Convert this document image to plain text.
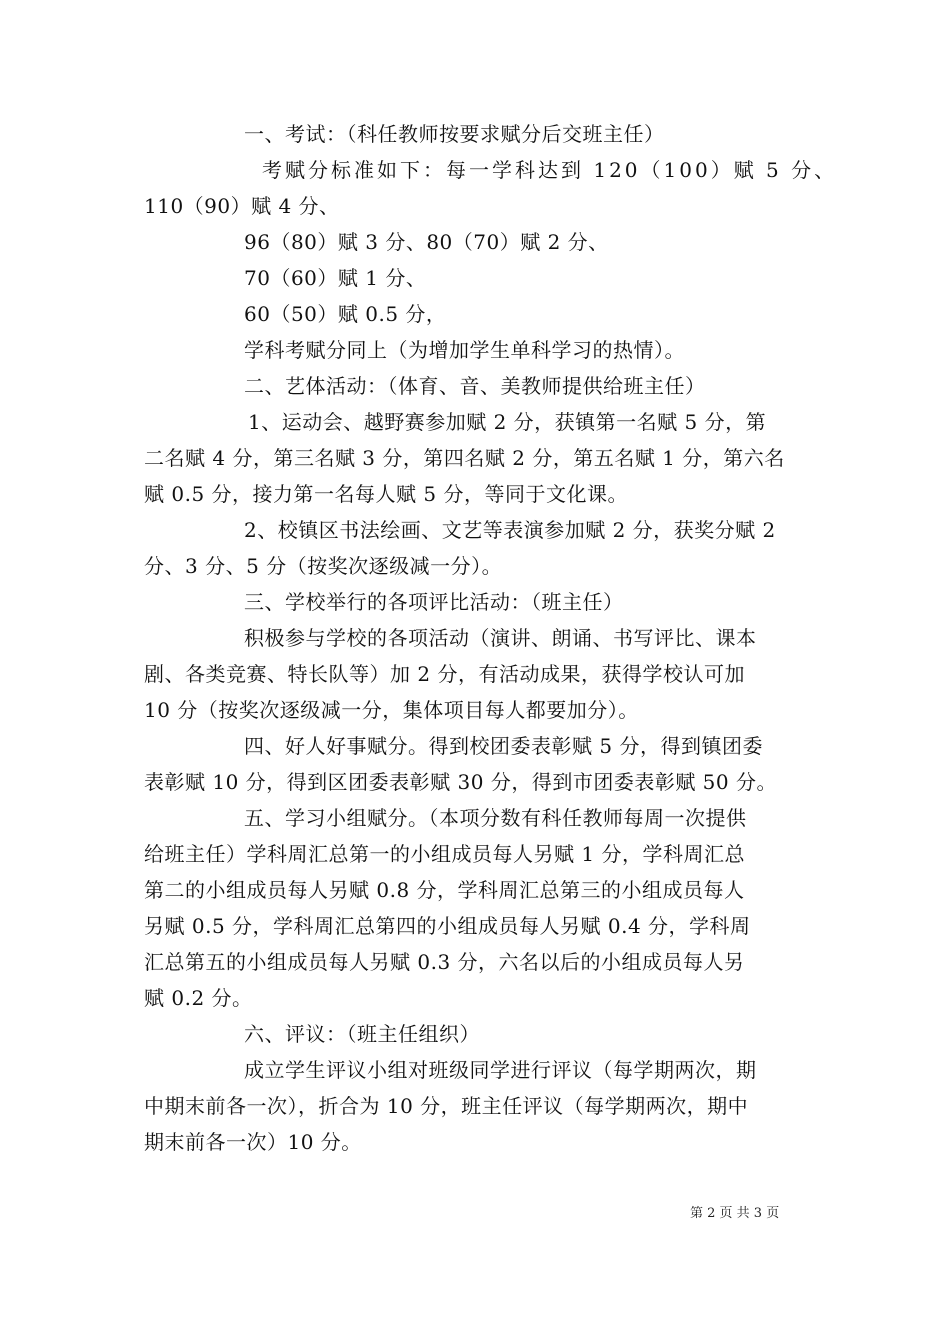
一、考试：（科任教师按要求赋分后交班主任）
考赋分标准如下：每一学科达到 120（100）赋 5 分、
110（90）赋 4 分、
96（80）赋 3 分、80（70）赋 2 分、
70（60）赋 1 分、
60（50）赋 0.5 分，
学科考赋分同上（为增加学生单科学习的热情）。
二、艺体活动：（体育、音、美教师提供给班主任）
1、运动会、越野赛参加赋 2 分，获镇第一名赋 5 分，第
二名赋 4 分，第三名赋 3 分，第四名赋 2 分，第五名赋 1 分，第六名
赋 0.5 分，接力第一名每人赋 5 分，等同于文化课。
2、校镇区书法绘画、文艺等表演参加赋 2 分，获奖分赋 2
分、3 分、5 分（按奖次逐级减一分）。
三、学校举行的各项评比活动：（班主任）
积极参与学校的各项活动（演讲、朗诵、书写评比、课本
剧、各类竞赛、特长队等）加 2 分，有活动成果，获得学校认可加
10 分（按奖次逐级减一分，集体项目每人都要加分）。
四、好人好事赋分。得到校团委表彰赋 5 分，得到镇团委
表彰赋 10 分，得到区团委表彰赋 30 分，得到市团委表彰赋 50 分。
五、学习小组赋分。（本项分数有科任教师每周一次提供
给班主任）学科周汇总第一的小组成员每人另赋 1 分，学科周汇总
第二的小组成员每人另赋 0.8 分，学科周汇总第三的小组成员每人
另赋 0.5 分，学科周汇总第四的小组成员每人另赋 0.4 分，学科周
汇总第五的小组成员每人另赋 0.3 分，六名以后的小组成员每人另
赋 0.2 分。
六、评议：（班主任组织）
成立学生评议小组对班级同学进行评议（每学期两次，期
中期末前各一次），折合为 10 分，班主任评议（每学期两次，期中
期末前各一次）10 分。
第 2 页 共 3 页
